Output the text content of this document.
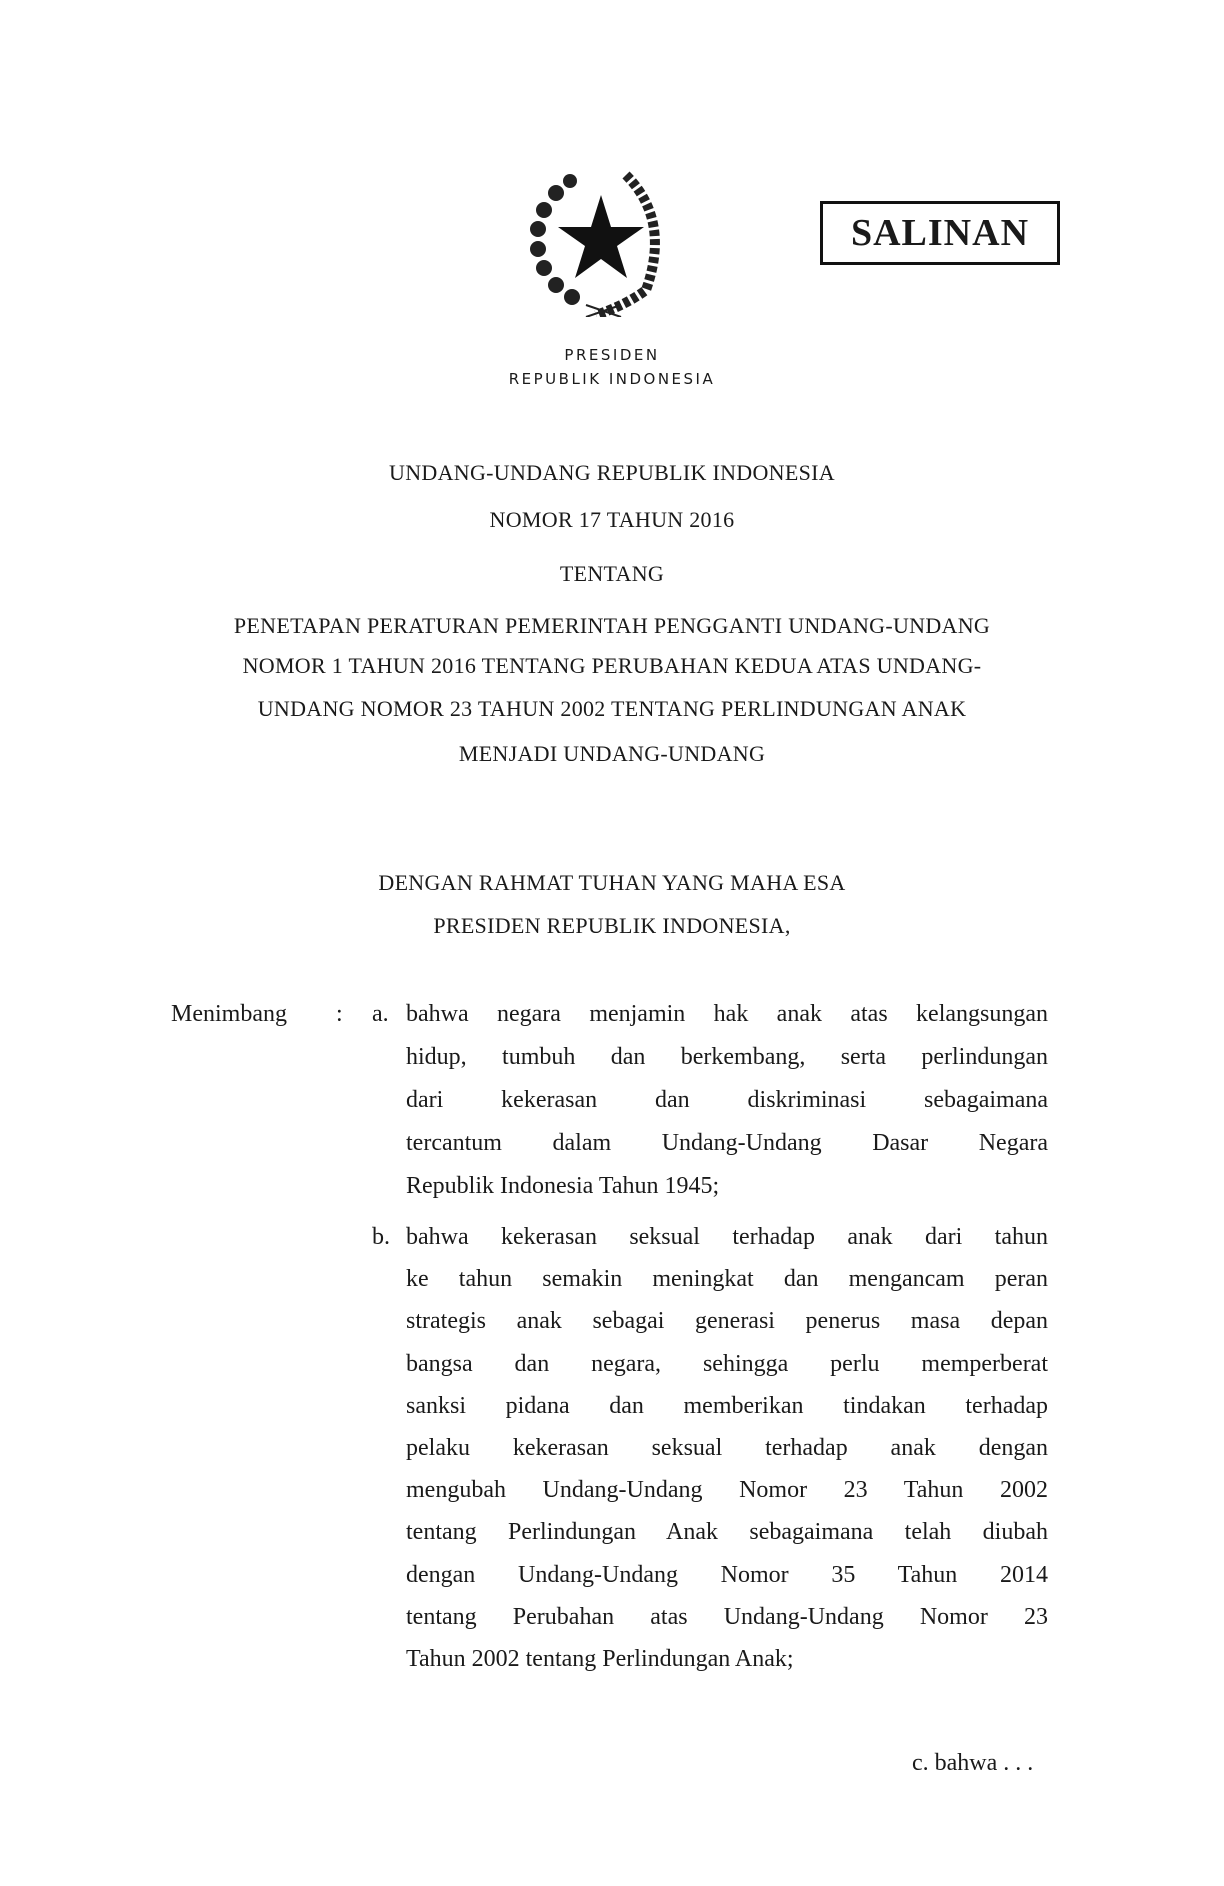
PRESIDEN
REPUBLIK INDONESIA
SALINAN
UNDANG-UNDANG REPUBLIK INDONESIA
NOMOR 17 TAHUN 2016
TENTANG
PENETAPAN PERATURAN PEMERINTAH PENGGANTI UNDANG-UNDANG
NOMOR 1 TAHUN 2016 TENTANG PERUBAHAN KEDUA ATAS UNDANG-
UNDANG NOMOR 23 TAHUN 2002 TENTANG PERLINDUNGAN ANAK
MENJADI UNDANG-UNDANG
DENGAN RAHMAT TUHAN YANG MAHA ESA
PRESIDEN REPUBLIK INDONESIA,
Menimbang : a.
b.
c. bahwa . . .
bahwa negara menjamin hak anak atas kelangsungan
hidup, tumbuh dan berkembang, serta perlindungan
dari kekerasan dan diskriminasi sebagaimana
tercantum dalam Undang-Undang Dasar Negara
Republik Indonesia Tahun 1945;
bahwa kekerasan seksual terhadap anak dari tahun
ke tahun semakin meningkat dan mengancam peran
strategis anak sebagai generasi penerus masa depan
bangsa dan negara, sehingga perlu memperberat
sanksi pidana dan memberikan tindakan terhadap
pelaku kekerasan seksual terhadap anak dengan
mengubah Undang-Undang Nomor 23 Tahun 2002
tentang Perlindungan Anak sebagaimana telah diubah
dengan Undang-Undang Nomor 35 Tahun 2014
tentang Perubahan atas Undang-Undang Nomor 23
Tahun 2002 tentang Perlindungan Anak;
